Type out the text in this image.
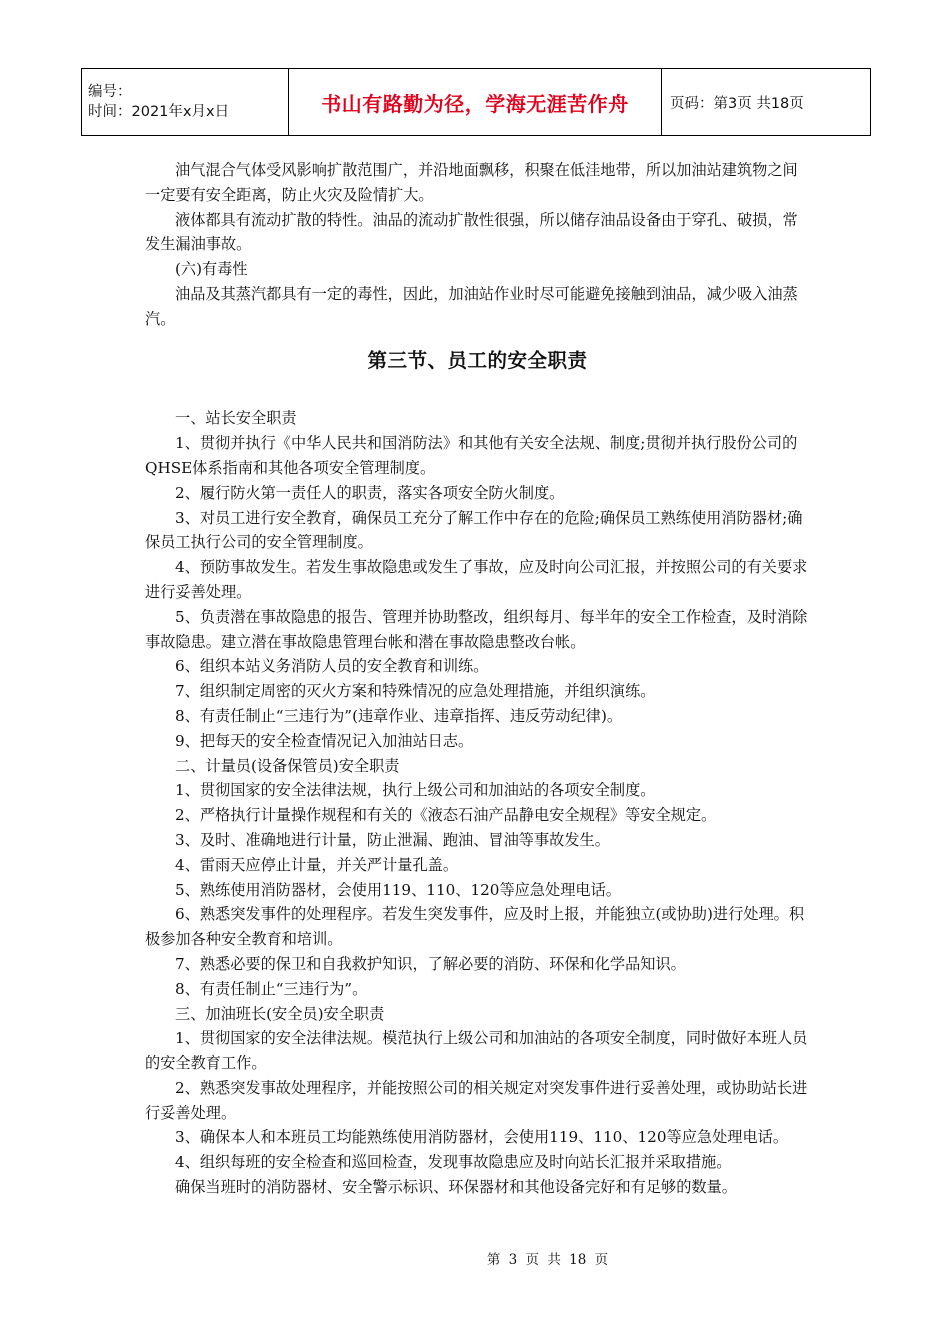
编号：
时间：2021年x月x日	书山有路勤为径，学海无涯苦作舟	页码：第3页 共18页

油气混合气体受风影响扩散范围广，并沿地面飘移，积聚在低洼地带，所以加油站建筑物之间一定要有安全距离，防止火灾及险情扩大。

液体都具有流动扩散的特性。油品的流动扩散性很强，所以储存油品设备由于穿孔、破损，常发生漏油事故。

(六)有毒性

油品及其蒸汽都具有一定的毒性，因此，加油站作业时尽可能避免接触到油品，减少吸入油蒸汽。

第三节、员工的安全职责

一、站长安全职责

1、贯彻并执行《中华人民共和国消防法》和其他有关安全法规、制度;贯彻并执行股份公司的QHSE体系指南和其他各项安全管理制度。

2、履行防火第一责任人的职责，落实各项安全防火制度。

3、对员工进行安全教育，确保员工充分了解工作中存在的危险;确保员工熟练使用消防器材;确保员工执行公司的安全管理制度。

4、预防事故发生。若发生事故隐患或发生了事故，应及时向公司汇报，并按照公司的有关要求进行妥善处理。

5、负责潜在事故隐患的报告、管理并协助整改，组织每月、每半年的安全工作检查，及时消除事故隐患。建立潜在事故隐患管理台帐和潜在事故隐患整改台帐。

6、组织本站义务消防人员的安全教育和训练。

7、组织制定周密的灭火方案和特殊情况的应急处理措施，并组织演练。

8、有责任制止“三违行为”(违章作业、违章指挥、违反劳动纪律)。

9、把每天的安全检查情况记入加油站日志。

二、计量员(设备保管员)安全职责

1、贯彻国家的安全法律法规，执行上级公司和加油站的各项安全制度。

2、严格执行计量操作规程和有关的《液态石油产品静电安全规程》等安全规定。

3、及时、准确地进行计量，防止泄漏、跑油、冒油等事故发生。

4、雷雨天应停止计量，并关严计量孔盖。

5、熟练使用消防器材，会使用119、110、120等应急处理电话。

6、熟悉突发事件的处理程序。若发生突发事件，应及时上报，并能独立(或协助)进行处理。积极参加各种安全教育和培训。

7、熟悉必要的保卫和自我救护知识，了解必要的消防、环保和化学品知识。

8、有责任制止“三违行为”。

三、加油班长(安全员)安全职责

1、贯彻国家的安全法律法规。模范执行上级公司和加油站的各项安全制度，同时做好本班人员的安全教育工作。

2、熟悉突发事故处理程序，并能按照公司的相关规定对突发事件进行妥善处理，或协助站长进行妥善处理。

3、确保本人和本班员工均能熟练使用消防器材，会使用119、110、120等应急处理电话。

4、组织每班的安全检查和巡回检查，发现事故隐患应及时向站长汇报并采取措施。

确保当班时的消防器材、安全警示标识、环保器材和其他设备完好和有足够的数量。

第 3 页 共 18 页
